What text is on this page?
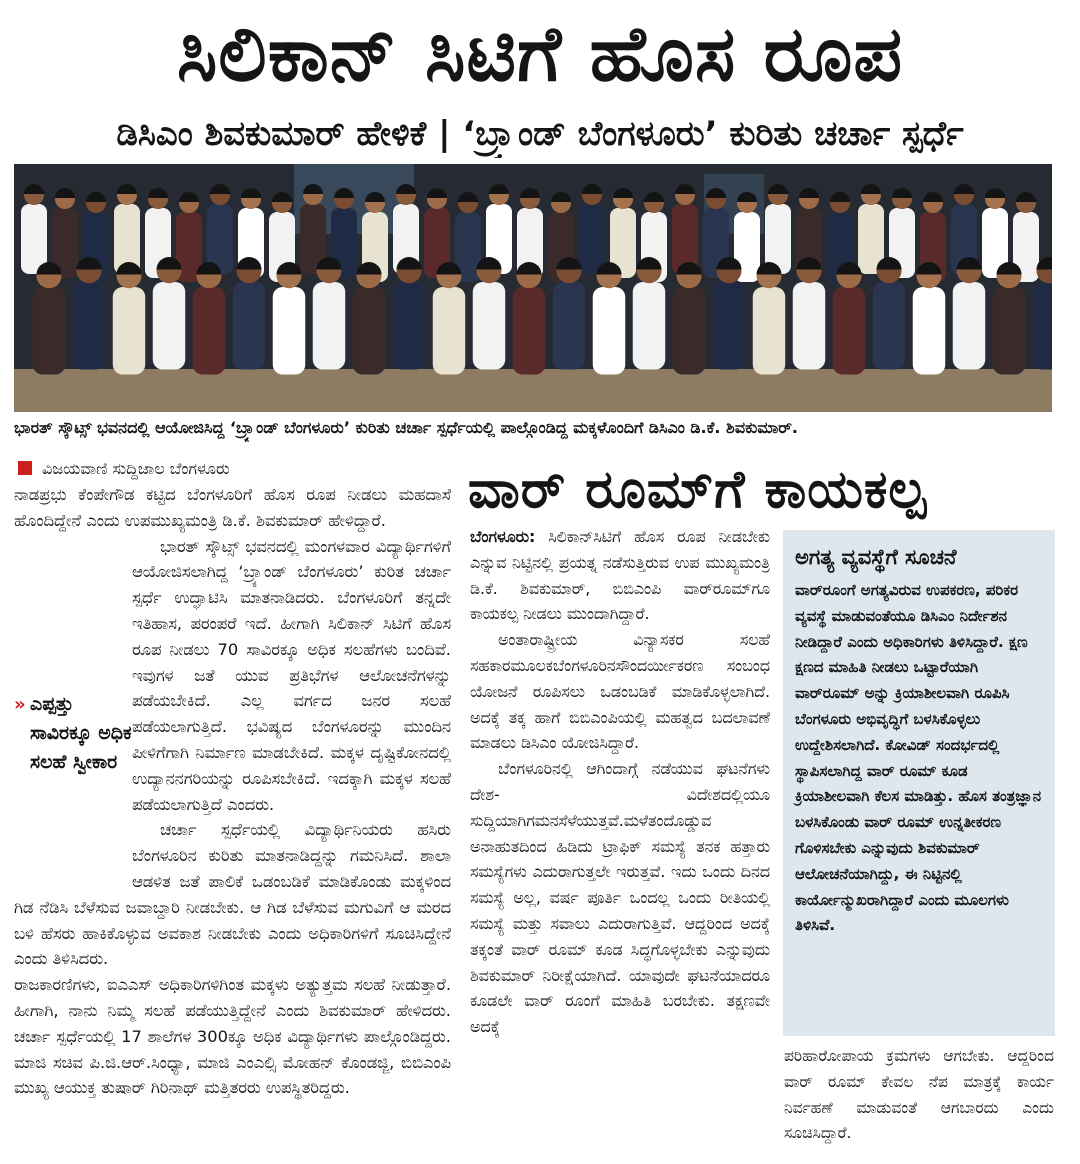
ಸಿಲಿಕಾನ್ ಸಿಟಿಗೆ ಹೊಸ ರೂಪ
ಡಿಸಿಎಂ ಶಿವಕುಮಾರ್ ಹೇಳಿಕೆ | ‘ಬ್ರ್ಯಾಂಡ್ ಬೆಂಗಳೂರು’ ಕುರಿತು ಚರ್ಚಾ ಸ್ಪರ್ಧೆ
ಭಾರತ್ ಸ್ಕೌಟ್ಸ್ ಭವನದಲ್ಲಿ ಆಯೋಜಿಸಿದ್ದ ‘ಬ್ರ್ಯಾಂಡ್ ಬೆಂಗಳೂರು’ ಕುರಿತು ಚರ್ಚಾ ಸ್ಪರ್ಧೆಯಲ್ಲಿ ಪಾಲ್ಗೊಂಡಿದ್ದ ಮಕ್ಕಳೊಂದಿಗೆ ಡಿಸಿಎಂ ಡಿ.ಕೆ. ಶಿವಕುಮಾರ್.
ವಿಜಯವಾಣಿ ಸುದ್ದಿಜಾಲ ಬೆಂಗಳೂರು

ನಾಡಪ್ರಭು ಕೆಂಪೇಗೌಡ ಕಟ್ಟಿದ ಬೆಂಗಳೂರಿಗೆ ಹೊಸ ರೂಪ ನೀಡಲು ಮಹದಾಸೆ ಹೊಂದಿದ್ದೇನೆ ಎಂದು ಉಪಮುಖ್ಯಮಂತ್ರಿ ಡಿ.ಕೆ. ಶಿವಕುಮಾರ್ ಹೇಳಿದ್ದಾರೆ.

ಭಾರತ್ ಸ್ಕೌಟ್ಸ್ ಭವನದಲ್ಲಿ ಮಂಗಳವಾರ ವಿದ್ಯಾರ್ಥಿಗಳಿಗೆ ಆಯೋಜಿಸಲಾಗಿದ್ದ ‘ಬ್ರ್ಯಾಂಡ್ ಬೆಂಗಳೂರು’ ಕುರಿತ ಚರ್ಚಾ ಸ್ಪರ್ಧೆ ಉದ್ಘಾಟಿಸಿ ಮಾತನಾಡಿದರು. ಬೆಂಗಳೂರಿಗೆ ತನ್ನದೇ ಇತಿಹಾಸ, ಪರಂಪರೆ ಇದೆ. ಹೀಗಾಗಿ ಸಿಲಿಕಾನ್ ಸಿಟಿಗೆ ಹೊಸ ರೂಪ ನೀಡಲು 70 ಸಾವಿರಕ್ಕೂ ಅಧಿಕ ಸಲಹೆಗಳು ಬಂದಿವೆ. ಇವುಗಳ ಜತೆ ಯುವ ಪ್ರತಿಭೆಗಳ ಆಲೋಚನೆಗಳನ್ನು ಪಡೆಯಬೇಕಿದೆ. ಎಲ್ಲ ವರ್ಗದ ಜನರ ಸಲಹೆ ಪಡೆಯಲಾಗುತ್ತಿದೆ. ಭವಿಷ್ಯದ ಬೆಂಗಳೂರನ್ನು ಮುಂದಿನ ಪೀಳಿಗೆಗಾಗಿ ನಿರ್ಮಾಣ ಮಾಡಬೇಕಿದೆ. ಮಕ್ಕಳ ದೃಷ್ಟಿಕೋನದಲ್ಲಿ ಉದ್ಯಾನನಗರಿಯನ್ನು ರೂಪಿಸಬೇಕಿದೆ. ಇದಕ್ಕಾಗಿ ಮಕ್ಕಳ ಸಲಹೆ ಪಡೆಯಲಾಗುತ್ತಿದೆ ಎಂದರು.

ಚರ್ಚಾ ಸ್ಪರ್ಧೆಯಲ್ಲಿ ವಿದ್ಯಾರ್ಥಿನಿಯರು ಹಸಿರು ಬೆಂಗಳೂರಿನ ಕುರಿತು ಮಾತನಾಡಿದ್ದನ್ನು ಗಮನಿಸಿದೆ. ಶಾಲಾ ಆಡಳಿತ ಜತೆ ಪಾಲಿಕೆ ಒಡಂಬಡಿಕೆ ಮಾಡಿಕೊಂಡು ಮಕ್ಕಳಿಂದ ಗಿಡ ನೆಡಿಸಿ ಬೆಳೆಸುವ ಜವಾಬ್ದಾರಿ ನೀಡಬೇಕು. ಆ ಗಿಡ ಬೆಳೆಸುವ ಮಗುವಿಗೆ ಆ ಮರದ ಬಳಿ ಹೆಸರು ಹಾಕಿಕೊಳ್ಳುವ ಅವಕಾಶ ನೀಡಬೇಕು ಎಂದು ಅಧಿಕಾರಿಗಳಿಗೆ ಸೂಚಿಸಿದ್ದೇನೆ ಎಂದು ತಿಳಿಸಿದರು.

ರಾಜಕಾರಣಿಗಳು, ಐಎಎಸ್ ಅಧಿಕಾರಿಗಳಿಗಿಂತ ಮಕ್ಕಳು ಅತ್ಯುತ್ತಮ ಸಲಹೆ ನೀಡುತ್ತಾರೆ. ಹೀಗಾಗಿ, ನಾನು ನಿಮ್ಮ ಸಲಹೆ ಪಡೆಯುತ್ತಿದ್ದೇನೆ ಎಂದು ಶಿವಕುಮಾರ್ ಹೇಳಿದರು. ಚರ್ಚಾ ಸ್ಪರ್ಧೆಯಲ್ಲಿ 17 ಶಾಲೆಗಳ 300ಕ್ಕೂ ಅಧಿಕ ವಿದ್ಯಾರ್ಥಿಗಳು ಪಾಲ್ಗೊಂಡಿದ್ದರು. ಮಾಜಿ ಸಚಿವ ಪಿ.ಜಿ.ಆರ್.ಸಿಂಧ್ಯಾ, ಮಾಜಿ ಎಂಎಲ್ಸಿ ಮೋಹನ್ ಕೊಂಡಜ್ಜಿ, ಬಿಬಿಎಂಪಿ ಮುಖ್ಯ ಆಯುಕ್ತ ತುಷಾರ್ ಗಿರಿನಾಥ್ ಮತ್ತಿತರರು ಉಪಸ್ಥಿತರಿದ್ದರು.

» ಎಪ್ಪತ್ತು ಸಾವಿರಕ್ಕೂ ಅಧಿಕ ಸಲಹೆ ಸ್ವೀಕಾರ
ವಾರ್ ರೂಮ್‌ಗೆ ಕಾಯಕಲ್ಪ

ಬೆಂಗಳೂರು: ಸಿಲಿಕಾನ್‌ಸಿಟಿಗೆ ಹೊಸ ರೂಪ ನೀಡಬೇಕು ಎನ್ನುವ ನಿಟ್ಟಿನಲ್ಲಿ ಪ್ರಯತ್ನ ನಡೆಸುತ್ತಿರುವ ಉಪ ಮುಖ್ಯಮಂತ್ರಿ ಡಿ.ಕೆ. ಶಿವಕುಮಾರ್, ಬಿಬಿಎಂಪಿ ವಾರ್‌ರೂಮ್‌ಗೂ ಕಾಯಕಲ್ಪ ನೀಡಲು ಮುಂದಾಗಿದ್ದಾರೆ.

ಅಂತಾರಾಷ್ಟ್ರೀಯ ವಿನ್ಯಾಸಕರ ಸಲಹೆ ಸಹಕಾರಮೂಲಕಬೆಂಗಳೂರಿನಸೌಂದರ್ಯೀಕರಣ ಸಂಬಂಧ ಯೋಜನೆ ರೂಪಿಸಲು ಒಡಂಬಡಿಕೆ ಮಾಡಿಕೊಳ್ಳಲಾಗಿದೆ. ಅದಕ್ಕೆ ತಕ್ಕ ಹಾಗೆ ಬಿಬಿಎಂಪಿಯಲ್ಲಿ ಮಹತ್ವದ ಬದಲಾವಣೆ ಮಾಡಲು ಡಿಸಿಎಂ ಯೋಜಿಸಿದ್ದಾರೆ.

ಬೆಂಗಳೂರಿನಲ್ಲಿ ಆಗಿಂದಾಗ್ಗೆ ನಡೆಯುವ ಘಟನೆಗಳು ದೇಶ- ವಿದೇಶದಲ್ಲಿಯೂ ಸುದ್ದಿಯಾಗಿಗಮನಸೆಳೆಯುತ್ತವೆ.ಮಳೆತಂದೊಡ್ಡುವ ಅನಾಹುತದಿಂದ ಹಿಡಿದು ಟ್ರಾಫಿಕ್ ಸಮಸ್ಯೆ ತನಕ ಹತ್ತಾರು ಸಮಸ್ಯೆಗಳು ಎದುರಾಗುತ್ತಲೇ ಇರುತ್ತವೆ. ಇದು ಒಂದು ದಿನದ ಸಮಸ್ಯೆ ಅಲ್ಲ, ವರ್ಷ ಪೂರ್ತಿ ಒಂದಲ್ಲ ಒಂದು ರೀತಿಯಲ್ಲಿ ಸಮಸ್ಯೆ ಮತ್ತು ಸವಾಲು ಎದುರಾಗುತ್ತಿವೆ. ಆದ್ದರಿಂದ ಅದಕ್ಕೆ ತಕ್ಕಂತೆ ವಾರ್ ರೂಮ್ ಕೂಡ ಸಿದ್ಧಗೊಳ್ಳಬೇಕು ಎನ್ನುವುದು ಶಿವಕುಮಾರ್ ನಿರೀಕ್ಷೆಯಾಗಿದೆ. ಯಾವುದೇ ಘಟನೆಯಾದರೂ ಕೂಡಲೇ ವಾರ್ ರೂಂಗೆ ಮಾಹಿತಿ ಬರಬೇಕು. ತಕ್ಷಣವೇ ಅದಕ್ಕೆ

ಅಗತ್ಯ ವ್ಯವಸ್ಥೆಗೆ ಸೂಚನೆ
ವಾರ್‌ರೂಂಗೆ ಅಗತ್ಯವಿರುವ ಉಪಕರಣ, ಪರಿಕರ ವ್ಯವಸ್ಥೆ ಮಾಡುವಂತೆಯೂ ಡಿಸಿಎಂ ನಿರ್ದೇಶನ ನೀಡಿದ್ದಾರೆ ಎಂದು ಅಧಿಕಾರಿಗಳು ತಿಳಿಸಿದ್ದಾರೆ. ಕ್ಷಣ ಕ್ಷಣದ ಮಾಹಿತಿ ನೀಡಲು ಒಟ್ಟಾರೆಯಾಗಿ ವಾರ್‌ರೂಮ್ ಅನ್ನು ಕ್ರಿಯಾಶೀಲವಾಗಿ ರೂಪಿಸಿ ಬೆಂಗಳೂರು ಅಭಿವೃದ್ಧಿಗೆ ಬಳಸಿಕೊಳ್ಳಲು ಉದ್ದೇಶಿಸಲಾಗಿದೆ. ಕೋವಿಡ್ ಸಂದರ್ಭದಲ್ಲಿ ಸ್ಥಾಪಿಸಲಾಗಿದ್ದ ವಾರ್ ರೂಮ್ ಕೂಡ ಕ್ರಿಯಾಶೀಲವಾಗಿ ಕೆಲಸ ಮಾಡಿತ್ತು. ಹೊಸ ತಂತ್ರಜ್ಞಾನ ಬಳಸಿಕೊಂಡು ವಾರ್ ರೂಮ್ ಉನ್ನತೀಕರಣ ಗೊಳಿಸಬೇಕು ಎನ್ನುವುದು ಶಿವಕುಮಾರ್ ಆಲೋಚನೆಯಾಗಿದ್ದು, ಈ ನಿಟ್ಟಿನಲ್ಲಿ ಕಾರ್ಯೋನ್ಮುಖರಾಗಿದ್ದಾರೆ ಎಂದು ಮೂಲಗಳು ತಿಳಿಸಿವೆ.

ಪರಿಹಾರೋಪಾಯ ಕ್ರಮಗಳು ಆಗಬೇಕು. ಆದ್ದರಿಂದ ವಾರ್ ರೂಮ್ ಕೇವಲ ನೆಪ ಮಾತ್ರಕ್ಕೆ ಕಾರ್ಯ ನಿರ್ವಹಣೆ ಮಾಡುವಂತೆ ಆಗಬಾರದು ಎಂದು ಸೂಚಿಸಿದ್ದಾರೆ.
